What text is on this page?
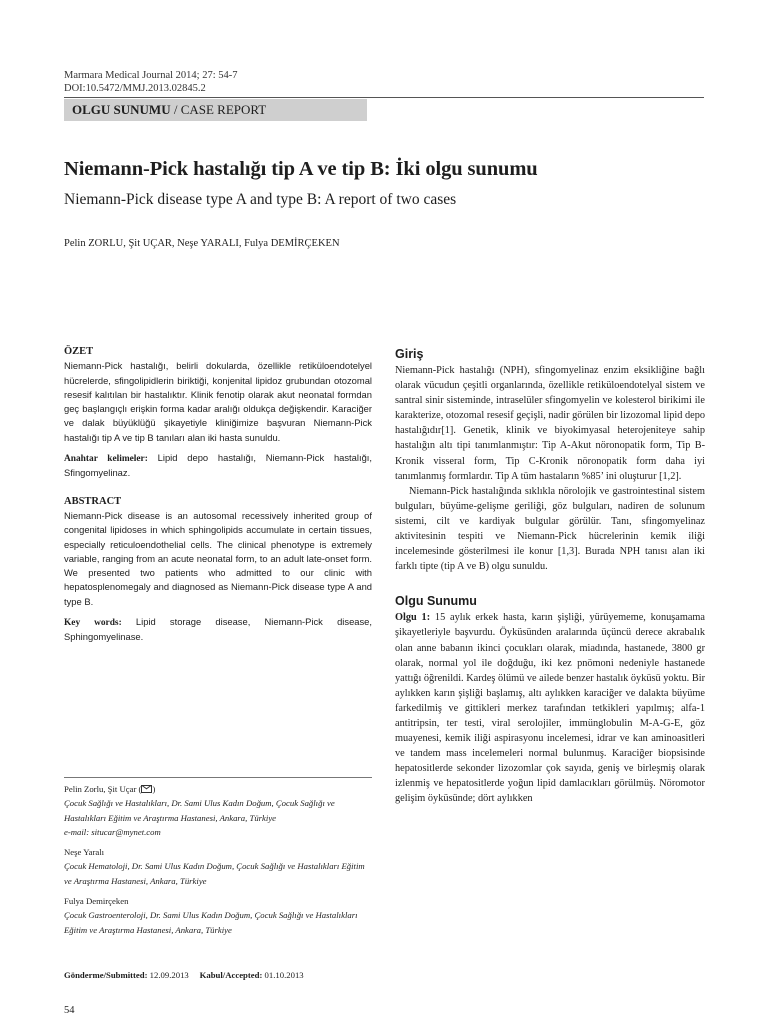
Marmara Medical Journal 2014; 27: 54-7
DOI:10.5472/MMJ.2013.02845.2
OLGU SUNUMU / CASE REPORT
Niemann-Pick hastalığı tip A ve tip B: İki olgu sunumu
Niemann-Pick disease type A and type B: A report of two cases
Pelin ZORLU, Şit UÇAR, Neşe YARALI, Fulya DEMİRÇEKEN
ÖZET

Niemann-Pick hastalığı, belirli dokularda, özellikle retiküloendotelyel hücrelerde, sfingolipidlerin biriktiği, konjenital lipidoz grubundan otozomal resesif kalıtılan bir hastalıktır. Klinik fenotip olarak akut neonatal formdan geç başlangıçlı erişkin forma kadar aralığı oldukça değişkendir. Karaciğer ve dalak büyüklüğü şikayetiyle kliniğimize başvuran Niemann-Pick hastalığı tip A ve tip B tanıları alan iki hasta sunuldu.

Anahtar kelimeler: Lipid depo hastalığı, Niemann-Pick hastalığı, Sfingomyelinaz.

ABSTRACT

Niemann-Pick disease is an autosomal recessively inherited group of congenital lipidoses in which sphingolipids accumulate in certain tissues, especially reticuloendothelial cells. The clinical phenotype is extremely variable, ranging from an acute neonatal form, to an adult late-onset form. We presented two patients who admitted to our clinic with hepatosplenomegaly and diagnosed as Niemann-Pick disease type A and type B.

Key words: Lipid storage disease, Niemann-Pick disease, Sphingomyelinase.

Pelin Zorlu, Şit Uçar ( )

Çocuk Sağlığı ve Hastalıkları, Dr. Sami Ulus Kadın Doğum, Çocuk Sağlığı ve Hastalıkları Eğitim ve Araştırma Hastanesi, Ankara, Türkiye

e-mail: situcar@mynet.com

Neşe Yaralı

Çocuk Hematoloji, Dr. Sami Ulus Kadın Doğum, Çocuk Sağlığı ve Hastalıkları Eğitim ve Araştırma Hastanesi, Ankara, Türkiye

Fulya Demirçeken

Çocuk Gastroenteroloji, Dr. Sami Ulus Kadın Doğum, Çocuk Sağlığı ve Hastalıkları Eğitim ve Araştırma Hastanesi, Ankara, Türkiye

Gönderme/Submitted: 12.09.2013 Kabul/Accepted: 01.10.2013
54
Giriş

Niemann-Pick hastalığı (NPH), sfingomyelinaz enzim eksikliğine bağlı olarak vücudun çeşitli organlarında, özellikle retiküloendotelyal sistem ve santral sinir sisteminde, intraselüler sfingomyelin ve kolesterol birikimi ile karakterize, otozomal resesif geçişli, nadir görülen bir lizozomal lipid depo hastalığıdır[1]. Genetik, klinik ve biyokimyasal heterojeniteye sahip hastalığın altı tipi tanımlanmıştır: Tip A-Akut nöronopatik form, Tip B-Kronik visseral form, Tip C-Kronik nöronopatik form daha iyi tanımlanmış formlardır. Tip A tüm hastaların %85’ ini oluşturur [1,2].

Niemann-Pick hastalığında sıklıkla nörolojik ve gastrointestinal sistem bulguları, büyüme-gelişme geriliği, göz bulguları, nadiren de solunum sistemi, cilt ve kardiyak bulgular görülür. Tanı, sfingomyelinaz aktivitesinin tespiti ve Niemann-Pick hücrelerinin kemik iliği incelemesinde gösterilmesi ile konur [1,3]. Burada NPH tanısı alan iki farklı tipte (tip A ve B) olgu sunuldu.

Olgu Sunumu

Olgu 1: 15 aylık erkek hasta, karın şişliği, yürüyememe, konuşamama şikayetleriyle başvurdu. Öyküsünden aralarında üçüncü derece akrabalık olan anne babanın ikinci çocukları olarak, miadında, hastanede, 3800 gr olarak, normal yol ile doğduğu, iki kez pnömoni nedeniyle hastanede yattığı öğrenildi. Kardeş ölümü ve ailede benzer hastalık öyküsü yoktu. Bir aylıkken karın şişliği başlamış, altı aylıkken karaciğer ve dalakta büyüme farkedilmiş ve gittikleri merkez tarafından tetkikleri yapılmış; alfa-1 antitripsin, ter testi, viral serolojiler, immünglobulin M-A-G-E, göz muayenesi, kemik iliği aspirasyonu incelemesi, idrar ve kan aminoasitleri ve tandem mass incelemeleri normal bulunmuş. Karaciğer biopsisinde hepatositlerde sekonder lizozomlar çok sayıda, geniş ve birleşmiş olarak izlenmiş ve hepatositlerde yoğun lipid damlacıkları görülmüş. Nöromotor gelişim öyküsünde; dört aylıkken
